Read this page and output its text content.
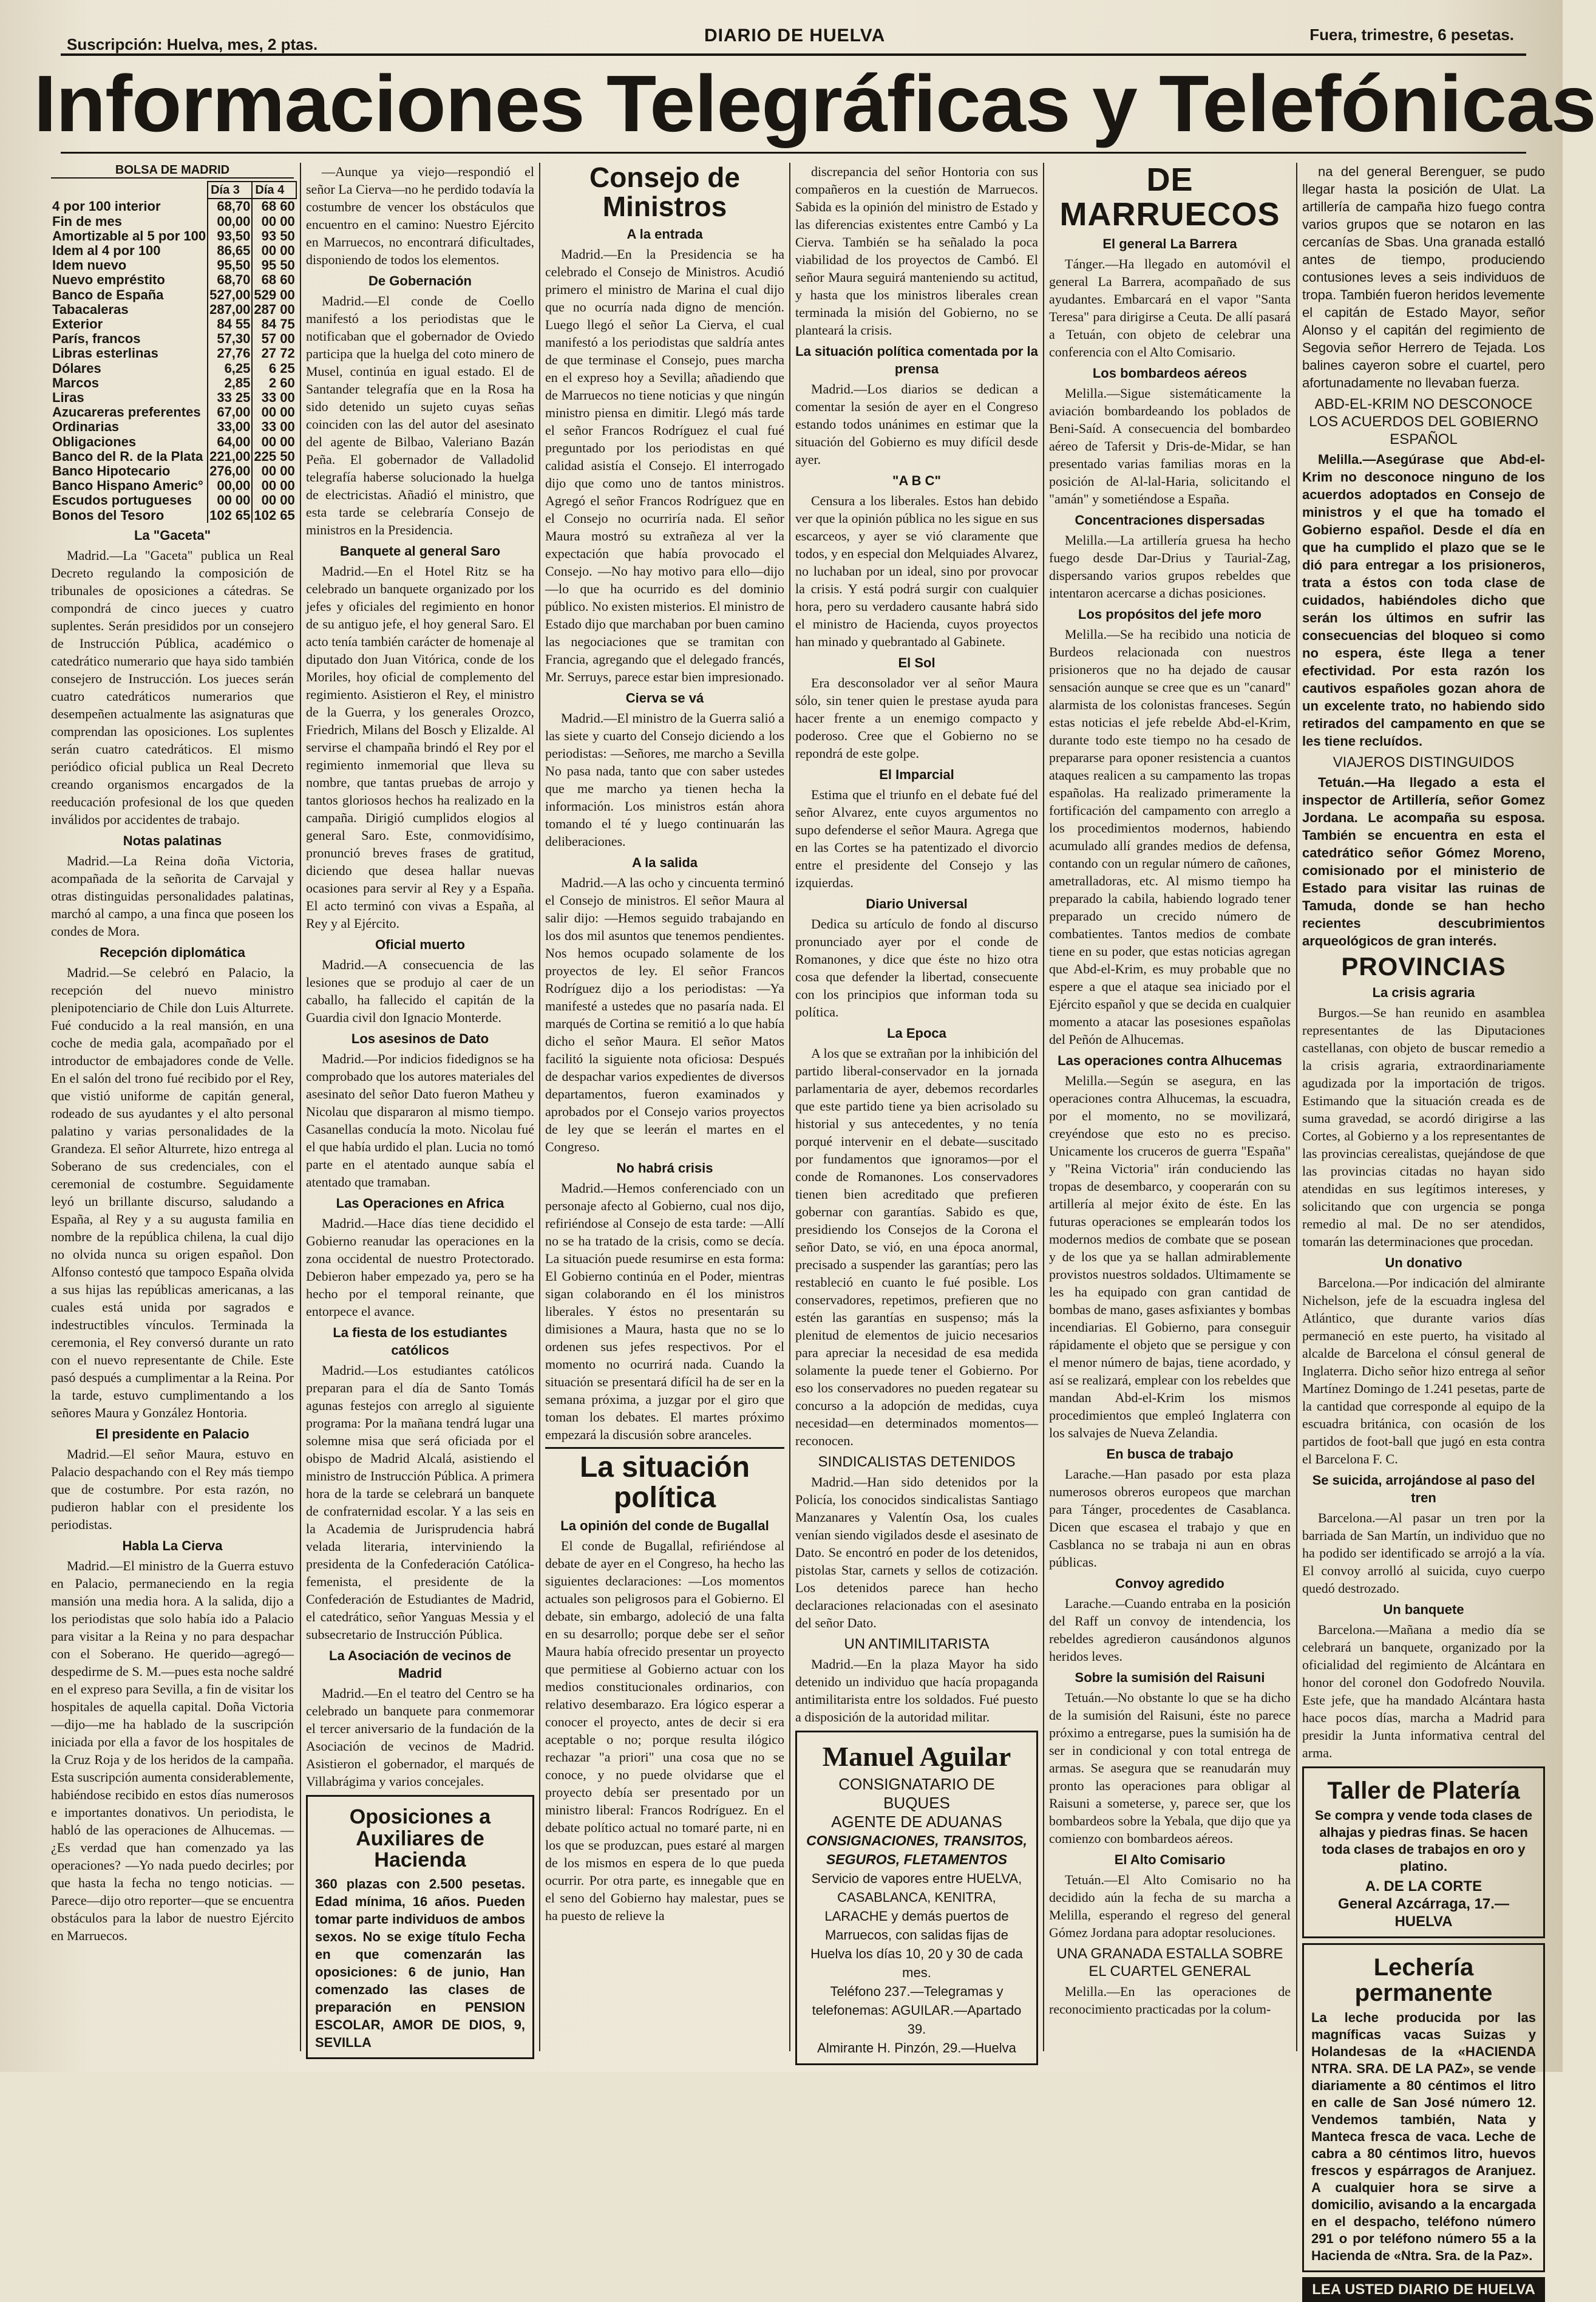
Suscripción: Huelva, mes, 2 ptas.	DIARIO DE HUELVA	Fuera, trimestre, 6 pesetas.
Informaciones Telegráficas y Telefónicas
BOLSA DE MADRID
	Día 3	Día 4
4 por 100 interior	68,70	68 60
Fin de mes	00,00	00 00
Amortizable al 5 por 100	93,50	93 50
Idem al 4 por 100	86,65	00 00
Idem nuevo	95,50	95 50
Nuevo empréstito	68,70	68 60
Banco de España	527,00	529 00
Tabacaleras	287,00	287 00
Exterior	84 55	84 75
París, francos	57,30	57 00
Libras esterlinas	27,76	27 72
Dólares	6,25	6 25
Marcos	2,85	2 60
Liras	33 25	33 00
Azucareras preferentes	67,00	00 00
Ordinarias	33,00	33 00
Obligaciones	64,00	00 00
Banco del R. de la Plata	221,00	225 50
Banco Hipotecario	276,00	00 00
Banco Hispano Americ°	00,00	00 00
Escudos portugueses	00 00	00 00
Bonos del Tesoro	102 65	102 65
La "Gaceta"

Madrid.—La "Gaceta" publica un Real Decreto regulando la composición de tribunales de oposiciones a cátedras. Se compondrá de cinco jueces y cuatro suplentes. Serán presididos por un consejero de Instrucción Pública, académico o catedrático numerario que haya sido también consejero de Instrucción. Los jueces serán cuatro catedráticos numerarios que desempeñen actualmente las asignaturas que comprendan las oposiciones. Los suplentes serán cuatro catedráticos. El mismo periódico oficial publica un Real Decreto creando organismos encargados de la reeducación profesional de los que queden inválidos por accidentes de trabajo.

Notas palatinas

Madrid.—La Reina doña Victoria, acompañada de la señorita de Carvajal y otras distinguidas personalidades palatinas, marchó al campo, a una finca que poseen los condes de Mora.

Recepción diplomática

Madrid.—Se celebró en Palacio, la recepción del nuevo ministro plenipotenciario de Chile don Luis Alturrete. Fué conducido a la real mansión, en una coche de media gala, acompañado por el introductor de embajadores conde de Velle. En el salón del trono fué recibido por el Rey, que vistió uniforme de capitán general, rodeado de sus ayudantes y el alto personal palatino y varias personalidades de la Grandeza. El señor Alturrete, hizo entrega al Soberano de sus credenciales, con el ceremonial de costumbre. Seguidamente leyó un brillante discurso, saludando a España, al Rey y a su augusta familia en nombre de la república chilena, la cual dijo no olvida nunca su origen español. Don Alfonso contestó que tampoco España olvida a sus hijas las repúblicas americanas, a las cuales está unida por sagrados e indestructibles vínculos. Terminada la ceremonia, el Rey conversó durante un rato con el nuevo representante de Chile. Este pasó después a cumplimentar a la Reina. Por la tarde, estuvo cumplimentando a los señores Maura y González Hontoria.

El presidente en Palacio

Madrid.—El señor Maura, estuvo en Palacio despachando con el Rey más tiempo que de costumbre. Por esta razón, no pudieron hablar con el presidente los periodistas.

Habla La Cierva

Madrid.—El ministro de la Guerra estuvo en Palacio, permaneciendo en la regia mansión una media hora. A la salida, dijo a los periodistas que solo había ido a Palacio para visitar a la Reina y no para despachar con el Soberano. He querido—agregó—despedirme de S. M.—pues esta noche saldré en el expreso para Sevilla, a fin de visitar los hospitales de aquella capital. Doña Victoria—dijo—me ha hablado de la suscripción iniciada por ella a favor de los hospitales de la Cruz Roja y de los heridos de la campaña. Esta suscripción aumenta considerablemente, habiéndose recibido en estos días numerosos e importantes donativos. Un periodista, le habló de las operaciones de Alhucemas. —¿Es verdad que han comenzado ya las operaciones? —Yo nada puedo decirles; por que hasta la fecha no tengo noticias. —Parece—dijo otro reporter—que se encuentra obstáculos para la labor de nuestro Ejército en Marruecos.

—Aunque ya viejo—respondió el señor La Cierva—no he perdido todavía la costumbre de vencer los obstáculos que encuentro en el camino: Nuestro Ejército en Marruecos, no encontrará dificultades, disponiendo de todos los elementos.

De Gobernación

Madrid.—El conde de Coello manifestó a los periodistas que le notificaban que el gobernador de Oviedo participa que la huelga del coto minero de Musel, continúa en igual estado. El de Santander telegrafía que en la Rosa ha sido detenido un sujeto cuyas señas coinciden con las del autor del asesinato del agente de Bilbao, Valeriano Bazán Peña. El gobernador de Valladolid telegrafía haberse solucionado la huelga de electricistas. Añadió el ministro, que esta tarde se celebraría Consejo de ministros en la Presidencia.

Banquete al general Saro

Madrid.—En el Hotel Ritz se ha celebrado un banquete organizado por los jefes y oficiales del regimiento en honor de su antiguo jefe, el hoy general Saro. El acto tenía también carácter de homenaje al diputado don Juan Vitórica, conde de los Moriles, hoy oficial de complemento del regimiento. Asistieron el Rey, el ministro de la Guerra, y los generales Orozco, Friedrich, Milans del Bosch y Elizalde. Al servirse el champaña brindó el Rey por el regimiento inmemorial que lleva su nombre, que tantas pruebas de arrojo y tantos gloriosos hechos ha realizado en la campaña. Dirigió cumplidos elogios al general Saro. Este, conmovidísimo, pronunció breves frases de gratitud, diciendo que desea hallar nuevas ocasiones para servir al Rey y a España. El acto terminó con vivas a España, al Rey y al Ejército.

Oficial muerto

Madrid.—A consecuencia de las lesiones que se produjo al caer de un caballo, ha fallecido el capitán de la Guardia civil don Ignacio Monterde.

Los asesinos de Dato

Madrid.—Por indicios fidedignos se ha comprobado que los autores materiales del asesinato del señor Dato fueron Matheu y Nicolau que dispararon al mismo tiempo. Casanellas conducía la moto. Nicolau fué el que había urdido el plan. Lucia no tomó parte en el atentado aunque sabía el atentado que tramaban.

Las Operaciones en Africa

Madrid.—Hace días tiene decidido el Gobierno reanudar las operaciones en la zona occidental de nuestro Protectorado. Debieron haber empezado ya, pero se ha hecho por el temporal reinante, que entorpece el avance.

La fiesta de los estudiantes católicos

Madrid.—Los estudiantes católicos preparan para el día de Santo Tomás agunas festejos con arreglo al siguiente programa: Por la mañana tendrá lugar una solemne misa que será oficiada por el obispo de Madrid Alcalá, asistiendo el ministro de Instrucción Pública. A primera hora de la tarde se celebrará un banquete de confraternidad escolar. Y a las seis en la Academia de Jurisprudencia habrá velada literaria, interviniendo la presidenta de la Confederación Católica-femenista, el presidente de la Confederación de Estudiantes de Madrid, el catedrático, señor Yanguas Messia y el subsecretario de Instrucción Pública.

La Asociación de vecinos de Madrid

Madrid.—En el teatro del Centro se ha celebrado un banquete para conmemorar el tercer aniversario de la fundación de la Asociación de vecinos de Madrid. Asistieron el gobernador, el marqués de Villabrágima y varios concejales.

Oposiciones a Auxiliares de Hacienda
360 plazas con 2.500 pesetas. Edad mínima, 16 años. Pueden tomar parte individuos de ambos sexos. No se exige título Fecha en que comenzarán las oposiciones: 6 de junio, Han comenzado las clases de preparación en PENSION ESCOLAR, AMOR DE DIOS, 9, SEVILLA
Consejo de Ministros
A la entrada

Madrid.—En la Presidencia se ha celebrado el Consejo de Ministros. Acudió primero el ministro de Marina el cual dijo que no ocurría nada digno de mención. Luego llegó el señor La Cierva, el cual manifestó a los periodistas que saldría antes de que terminase el Consejo, pues marcha en el expreso hoy a Sevilla; añadiendo que de Marruecos no tiene noticias y que ningún ministro piensa en dimitir. Llegó más tarde el señor Francos Rodríguez el cual fué preguntado por los periodistas en qué calidad asistía el Consejo. El interrogado dijo que como uno de tantos ministros. Agregó el señor Francos Rodríguez que en el Consejo no ocurriría nada. El señor Maura mostró su extrañeza al ver la expectación que había provocado el Consejo. —No hay motivo para ello—dijo—lo que ha ocurrido es del dominio público. No existen misterios. El ministro de Estado dijo que marchaban por buen camino las negociaciones que se tramitan con Francia, agregando que el delegado francés, Mr. Serruys, parece estar bien impresionado.

Cierva se vá

Madrid.—El ministro de la Guerra salió a las siete y cuarto del Consejo diciendo a los periodistas: —Señores, me marcho a Sevilla No pasa nada, tanto que con saber ustedes que me marcho ya tienen hecha la información. Los ministros están ahora tomando el té y luego continuarán las deliberaciones.

A la salida

Madrid.—A las ocho y cincuenta terminó el Consejo de ministros. El señor Maura al salir dijo: —Hemos seguido trabajando en los dos mil asuntos que tenemos pendientes. Nos hemos ocupado solamente de los proyectos de ley. El señor Francos Rodríguez dijo a los periodistas: —Ya manifesté a ustedes que no pasaría nada. El marqués de Cortina se remitió a lo que había dicho el señor Maura. El señor Matos facilitó la siguiente nota oficiosa: Después de despachar varios expedientes de diversos departamentos, fueron examinados y aprobados por el Consejo varios proyectos de ley que se leerán el martes en el Congreso.

No habrá crisis

Madrid.—Hemos conferenciado con un personaje afecto al Gobierno, cual nos dijo, refiriéndose al Consejo de esta tarde: —Allí no se ha tratado de la crisis, como se decía. La situación puede resumirse en esta forma: El Gobierno continúa en el Poder, mientras sigan colaborando en él los ministros liberales. Y éstos no presentarán su dimisiones a Maura, hasta que no se lo ordenen sus jefes respectivos. Por el momento no ocurrirá nada. Cuando la situación se presentará difícil ha de ser en la semana próxima, a juzgar por el giro que toman los debates. El martes próximo empezará la discusión sobre aranceles.

La situación política
La opinión del conde de Bugallal

El conde de Bugallal, refiriéndose al debate de ayer en el Congreso, ha hecho las siguientes declaraciones: —Los momentos actuales son peligrosos para el Gobierno. El debate, sin embargo, adoleció de una falta en su desarrollo; porque debe ser el señor Maura había ofrecido presentar un proyecto que permitiese al Gobierno actuar con los medios constitucionales ordinarios, con relativo desembarazo. Era lógico esperar a conocer el proyecto, antes de decir si era aceptable o no; porque resulta ilógico rechazar "a priori" una cosa que no se conoce, y no puede olvidarse que el proyecto debía ser presentado por un ministro liberal: Francos Rodríguez. En el debate político actual no tomaré parte, ni en los que se produzcan, pues estaré al margen de los mismos en espera de lo que pueda ocurrir. Por otra parte, es innegable que en el seno del Gobierno hay malestar, pues se ha puesto de relieve la

discrepancia del señor Hontoria con sus compañeros en la cuestión de Marruecos. Sabida es la opinión del ministro de Estado y las diferencias existentes entre Cambó y La Cierva. También se ha señalado la poca viabilidad de los proyectos de Cambó. El señor Maura seguirá manteniendo su actitud, y hasta que los ministros liberales crean terminada la misión del Gobierno, no se planteará la crisis.

La situación política comentada por la prensa

Madrid.—Los diarios se dedican a comentar la sesión de ayer en el Congreso estando todos unánimes en estimar que la situación del Gobierno es muy difícil desde ayer.

"A B C"

Censura a los liberales. Estos han debido ver que la opinión pública no les sigue en sus escarceos, y ayer se vió claramente que todos, y en especial don Melquiades Alvarez, no luchaban por un ideal, sino por provocar la crisis. Y está podrá surgir con cualquier hora, pero su verdadero causante habrá sido el ministro de Hacienda, cuyos proyectos han minado y quebrantado al Gabinete.

El Sol

Era desconsolador ver al señor Maura sólo, sin tener quien le prestase ayuda para hacer frente a un enemigo compacto y poderoso. Cree que el Gobierno no se repondrá de este golpe.

El Imparcial

Estima que el triunfo en el debate fué del señor Alvarez, ente cuyos argumentos no supo defenderse el señor Maura. Agrega que en las Cortes se ha patentizado el divorcio entre el presidente del Consejo y las izquierdas.

Diario Universal

Dedica su artículo de fondo al discurso pronunciado ayer por el conde de Romanones, y dice que éste no hizo otra cosa que defender la libertad, consecuente con los principios que informan toda su política.

La Epoca

A los que se extrañan por la inhibición del partido liberal-conservador en la jornada parlamentaria de ayer, debemos recordarles que este partido tiene ya bien acrisolado su historial y sus antecedentes, y no tenía porqué intervenir en el debate—suscitado por fundamentos que ignoramos—por el conde de Romanones. Los conservadores tienen bien acreditado que prefieren gobernar con garantías. Sabido es que, presidiendo los Consejos de la Corona el señor Dato, se vió, en una época anormal, precisado a suspender las garantías; pero las restableció en cuanto le fué posible. Los conservadores, repetimos, prefieren que no estén las garantías en suspenso; más la plenitud de elementos de juicio necesarios para apreciar la necesidad de esa medida solamente la puede tener el Gobierno. Por eso los conservadores no pueden regatear su concurso a la adopción de medidas, cuya necesidad—en determinados momentos—reconocen.

SINDICALISTAS DETENIDOS

Madrid.—Han sido detenidos por la Policía, los conocidos sindicalistas Santiago Manzanares y Valentín Osa, los cuales venían siendo vigilados desde el asesinato de Dato. Se encontró en poder de los detenidos, pistolas Star, carnets y sellos de cotización. Los detenidos parece han hecho declaraciones relacionadas con el asesinato del señor Dato.

UN ANTIMILITARISTA

Madrid.—En la plaza Mayor ha sido detenido un individuo que hacía propaganda antimilitarista entre los soldados. Fué puesto a disposición de la autoridad militar.

Manuel Aguilar
CONSIGNATARIO DE BUQUES
AGENTE DE ADUANAS
CONSIGNACIONES, TRANSITOS, SEGUROS, FLETAMENTOS
Servicio de vapores entre HUELVA, CASABLANCA, KENITRA, LARACHE y demás puertos de Marruecos, con salidas fijas de Huelva los días 10, 20 y 30 de cada mes.
Teléfono 237.—Telegramas y telefonemas: AGUILAR.—Apartado 39.
Almirante H. Pinzón, 29.—Huelva
DE MARRUECOS
El general La Barrera

Tánger.—Ha llegado en automóvil el general La Barrera, acompañado de sus ayudantes. Embarcará en el vapor "Santa Teresa" para dirigirse a Ceuta. De allí pasará a Tetuán, con objeto de celebrar una conferencia con el Alto Comisario.

Los bombardeos aéreos

Melilla.—Sigue sistemáticamente la aviación bombardeando los poblados de Beni-Saíd. A consecuencia del bombardeo aéreo de Tafersit y Dris-de-Midar, se han presentado varias familias moras en la posición de Al-lal-Haria, solicitando el "amán" y sometiéndose a España.

Concentraciones dispersadas

Melilla.—La artillería gruesa ha hecho fuego desde Dar-Drius y Taurial-Zag, dispersando varios grupos rebeldes que intentaron acercarse a dichas posiciones.

Los propósitos del jefe moro

Melilla.—Se ha recibido una noticia de Burdeos relacionada con nuestros prisioneros que no ha dejado de causar sensación aunque se cree que es un "canard" alarmista de los colonistas franceses. Según estas noticias el jefe rebelde Abd-el-Krim, durante todo este tiempo no ha cesado de prepararse para oponer resistencia a cuantos ataques realicen a su campamento las tropas españolas. Ha realizado primeramente la fortificación del campamento con arreglo a los procedimientos modernos, habiendo acumulado allí grandes medios de defensa, contando con un regular número de cañones, ametralladoras, etc. Al mismo tiempo ha preparado la cabila, habiendo logrado tener preparado un crecido número de combatientes. Tantos medios de combate tiene en su poder, que estas noticias agregan que Abd-el-Krim, es muy probable que no espere a que el ataque sea iniciado por el Ejército español y que se decida en cualquier momento a atacar las posesiones españolas del Peñón de Alhucemas.

Las operaciones contra Alhucemas

Melilla.—Según se asegura, en las operaciones contra Alhucemas, la escuadra, por el momento, no se movilizará, creyéndose que esto no es preciso. Unicamente los cruceros de guerra "España" y "Reina Victoria" irán conduciendo las tropas de desembarco, y cooperarán con su artillería al mejor éxito de éste. En las futuras operaciones se emplearán todos los modernos medios de combate que se posean y de los que ya se hallan admirablemente provistos nuestros soldados. Ultimamente se les ha equipado con gran cantidad de bombas de mano, gases asfixiantes y bombas incendiarias. El Gobierno, para conseguir rápidamente el objeto que se persigue y con el menor número de bajas, tiene acordado, y así se realizará, emplear con los rebeldes que mandan Abd-el-Krim los mismos procedimientos que empleó Inglaterra con los salvajes de Nueva Zelandia.

En busca de trabajo

Larache.—Han pasado por esta plaza numerosos obreros europeos que marchan para Tánger, procedentes de Casablanca. Dicen que escasea el trabajo y que en Casblanca no se trabaja ni aun en obras públicas.

Convoy agredido

Larache.—Cuando entraba en la posición del Raff un convoy de intendencia, los rebeldes agredieron causándonos algunos heridos leves.

Sobre la sumisión del Raisuni

Tetuán.—No obstante lo que se ha dicho de la sumisión del Raisuni, éste no parece próximo a entregarse, pues la sumisión ha de ser in condicional y con total entrega de armas. Se asegura que se reanudarán muy pronto las operaciones para obligar al Raisuni a someterse, y, parece ser, que los bombardeos sobre la Yebala, que dijo que ya comienzo con bombardeos aéreos.

El Alto Comisario

Tetuán.—El Alto Comisario no ha decidido aún la fecha de su marcha a Melilla, esperando el regreso del general Gómez Jordana para adoptar resoluciones.

UNA GRANADA ESTALLA SOBRE EL CUARTEL GENERAL

Melilla.—En las operaciones de reconocimiento practicadas por la colum-

na del general Berenguer, se pudo llegar hasta la posición de Ulat. La artillería de campaña hizo fuego contra varios grupos que se notaron en las cercanías de Sbas. Una granada estalló antes de tiempo, produciendo contusiones leves a seis individuos de tropa. También fueron heridos levemente el capitán de Estado Mayor, señor Alonso y el capitán del regimiento de Segovia señor Herrero de Tejada. Los balines cayeron sobre el cuartel, pero afortunadamente no llevaban fuerza.

ABD-EL-KRIM NO DESCONOCE LOS ACUERDOS DEL GOBIERNO ESPAÑOL

Melilla.—Asegúrase que Abd-el-Krim no desconoce ninguno de los acuerdos adoptados en Consejo de ministros y el que ha tomado el Gobierno español. Desde el día en que ha cumplido el plazo que se le dió para entregar a los prisioneros, trata a éstos con toda clase de cuidados, habiéndoles dicho que serán los últimos en sufrir las consecuencias del bloqueo si como no espera, éste llega a tener efectividad. Por esta razón los cautivos españoles gozan ahora de un excelente trato, no habiendo sido retirados del campamento en que se les tiene recluídos.

VIAJEROS DISTINGUIDOS

Tetuán.—Ha llegado a esta el inspector de Artillería, señor Gomez Jordana. Le acompaña su esposa. También se encuentra en esta el catedrático señor Gómez Moreno, comisionado por el ministerio de Estado para visitar las ruinas de Tamuda, donde se han hecho recientes descubrimientos arqueológicos de gran interés.

PROVINCIAS
La crisis agraria

Burgos.—Se han reunido en asamblea representantes de las Diputaciones castellanas, con objeto de buscar remedio a la crisis agraria, extraordinariamente agudizada por la importación de trigos. Estimando que la situación creada es de suma gravedad, se acordó dirigirse a las Cortes, al Gobierno y a los representantes de las provincias cerealistas, quejándose de que las provincias citadas no hayan sido atendidas en sus legítimos intereses, y solicitando que con urgencia se ponga remedio al mal. De no ser atendidos, tomarán las determinaciones que procedan.

Un donativo

Barcelona.—Por indicación del almirante Nichelson, jefe de la escuadra inglesa del Atlántico, que durante varios días permaneció en este puerto, ha visitado al alcalde de Barcelona el cónsul general de Inglaterra. Dicho señor hizo entrega al señor Martínez Domingo de 1.241 pesetas, parte de la cantidad que corresponde al equipo de la escuadra británica, con ocasión de los partidos de foot-ball que jugó en esta contra el Barcelona F. C.

Se suicida, arrojándose al paso del tren

Barcelona.—Al pasar un tren por la barriada de San Martín, un individuo que no ha podido ser identificado se arrojó a la vía. El convoy arrolló al suicida, cuyo cuerpo quedó destrozado.

Un banquete

Barcelona.—Mañana a medio día se celebrará un banquete, organizado por la oficialidad del regimiento de Alcántara en honor del coronel don Godofredo Nouvila. Este jefe, que ha mandado Alcántara hasta hace pocos días, marcha a Madrid para presidir la Junta informativa central del arma.

Taller de Platería
Se compra y vende toda clases de alhajas y piedras finas. Se hacen toda clases de trabajos en oro y platino.
A. DE LA CORTE
General Azcárraga, 17.—HUELVA
Lechería permanente
La leche producida por las magníficas vacas Suizas y Holandesas de la «HACIENDA NTRA. SRA. DE LA PAZ», se vende diariamente a 80 céntimos el litro en calle de San José número 12. Vendemos también, Nata y Manteca fresca de vaca. Leche de cabra a 80 céntimos litro, huevos frescos y espárragos de Aranjuez. A cualquier hora se sirve a domicilio, avisando a la encargada en el despacho, teléfono número 291 o por teléfono número 55 a la Hacienda de «Ntra. Sra. de la Paz».
LEA USTED DIARIO DE HUELVA
